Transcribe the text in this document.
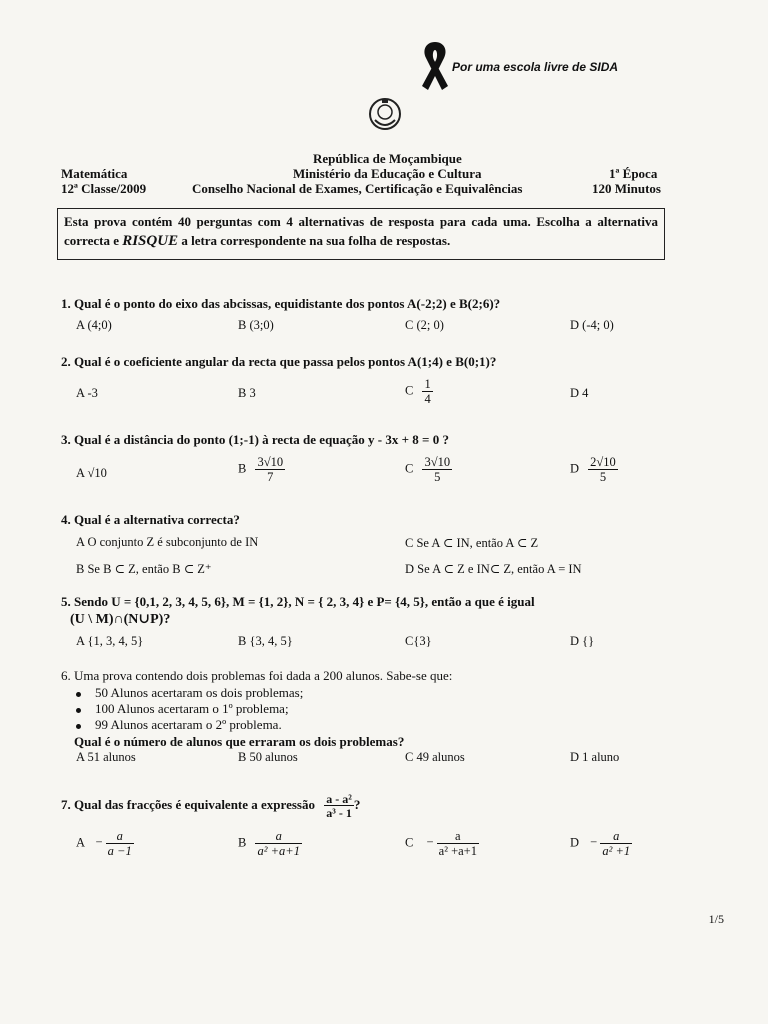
Por uma escola livre de SIDA
República de Moçambique
Ministério da Educação e Cultura
Conselho Nacional de Exames, Certificação e Equivalências
Matemática
12ª Classe/2009
1ª Época
120 Minutos
Esta prova contém 40 perguntas com 4 alternativas de resposta para cada uma. Escolha a alternativa correcta e RISQUE a letra correspondente na sua folha de respostas.
1. Qual é o ponto do eixo das abcissas, equidistante dos pontos A(-2;2) e B(2;6)?
A (4;0)	B (3;0)	C (2; 0)	D (-4; 0)
2. Qual é o coeficiente angular da recta que passa pelos pontos A(1;4) e B(0;1)?
A -3	B 3	C $\frac{1}{4}$	D 4
3. Qual é a distância do ponto (1;-1) à recta de equação y - 3x + 8 = 0 ?
A √10	B $\frac{3√10}{7}$	C $\frac{3√10}{5}$	D $\frac{2√10}{5}$
4. Qual é a alternativa correcta?
A O conjunto Z é subconjunto de IN	C Se A ⊂ IN, então A ⊂ Z
B Se B ⊂ Z, então B ⊂ Z⁺	D Se A ⊂ Z e IN⊂ Z, então A = IN
5. Sendo U = {0,1, 2, 3, 4, 5, 6}, M = {1, 2}, N = { 2, 3, 4} e P= {4, 5}, então a que é igual
(U \ M)∩(N∪P)?
A {1, 3, 4, 5}	B {3, 4, 5}	C{3}	D {}
6. Uma prova contendo dois problemas foi dada a 200 alunos. Sabe-se que:
50 Alunos acertaram os dois problemas;
100 Alunos acertaram o 1º problema;
99 Alunos acertaram o 2º problema.
Qual é o número de alunos que erraram os dois problemas?
A 51 alunos	B 50 alunos	C 49 alunos	D 1 aluno
7. Qual das fracções é equivalente a expressão $\frac{\text{a - a²}}{\text{a³ - 1}}$ ?
$A - \frac{a}{a -1}$	B $\frac{a}{\text{a² +a+1}}$	$C - \frac{a}{\text{a² +a+1}}$	$D - \frac{a}{\text{a² +1}}$
1/5
